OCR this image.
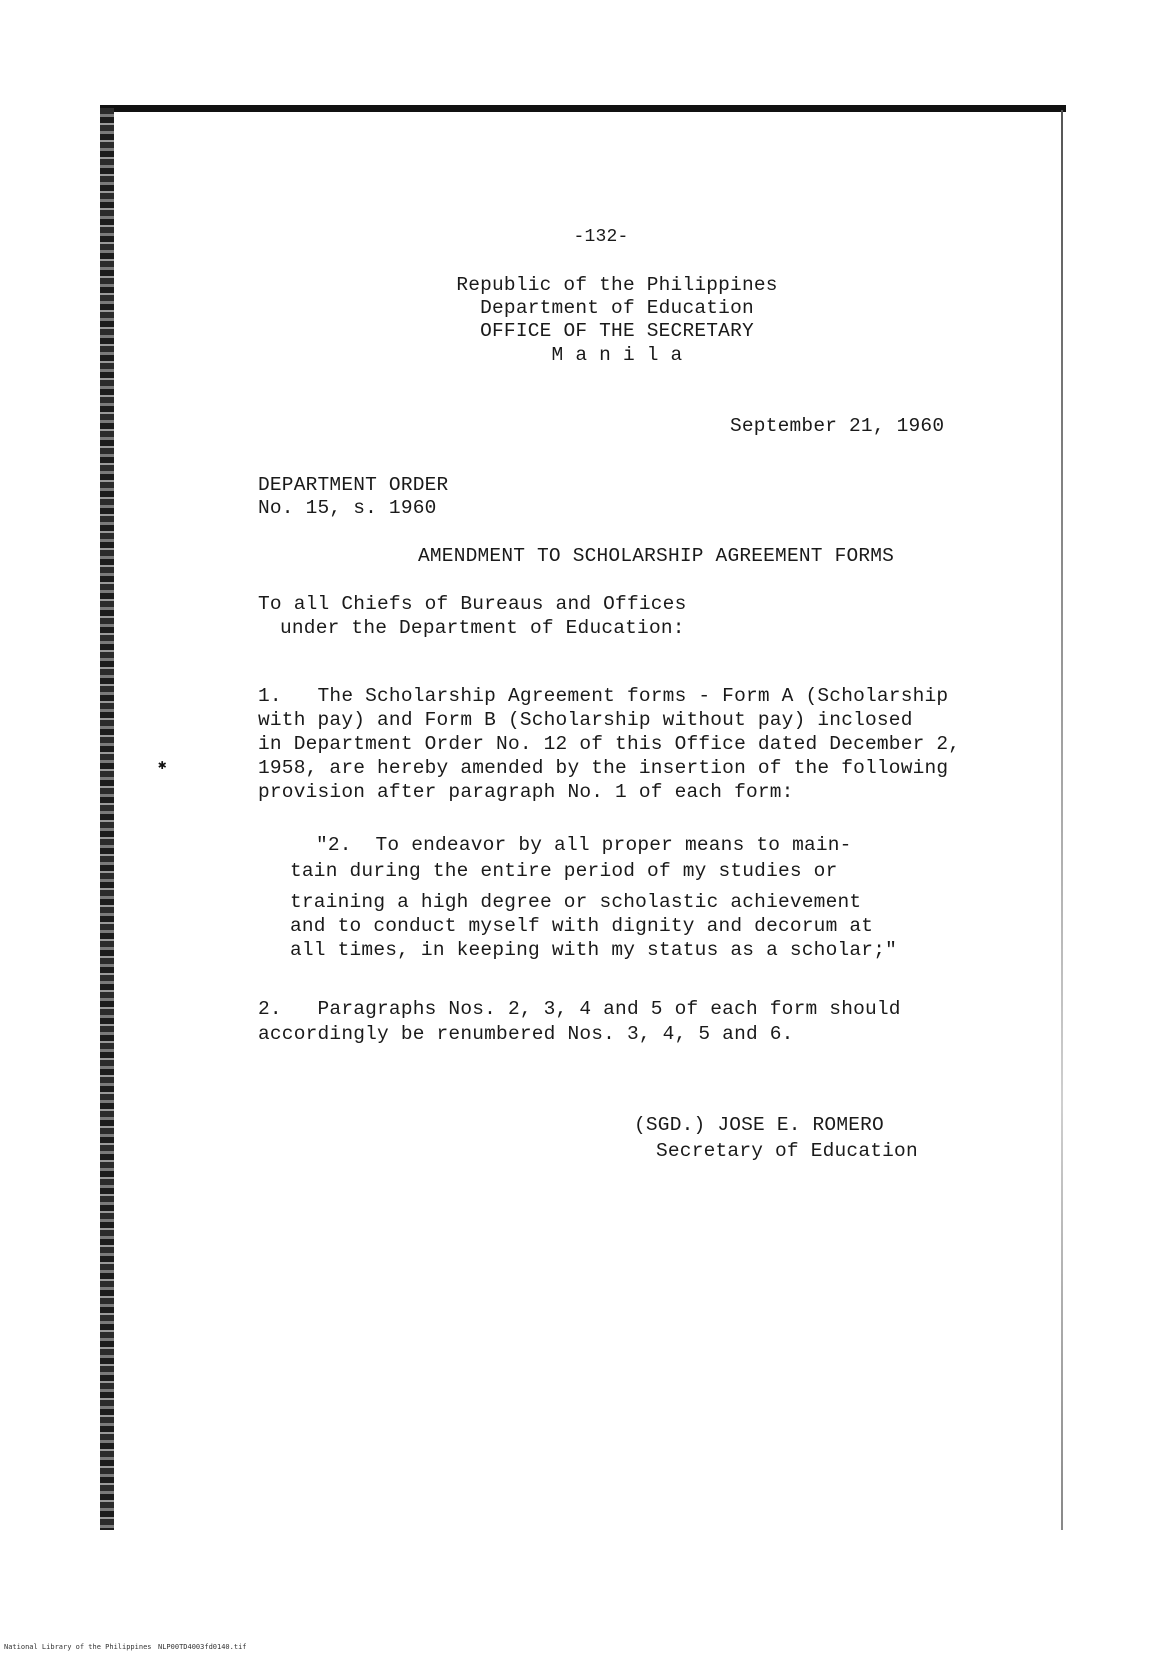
-132-
Republic of the Philippines
Department of Education
OFFICE OF THE SECRETARY
M a n i l a
September 21, 1960
DEPARTMENT ORDER
No. 15, s. 1960
AMENDMENT TO SCHOLARSHIP AGREEMENT FORMS
To all Chiefs of Bureaus and Offices
under the Department of Education:
1.   The Scholarship Agreement forms - Form A (Scholarship
with pay) and Form B (Scholarship without pay) inclosed
in Department Order No. 12 of this Office dated December 2,
1958, are hereby amended by the insertion of the following
provision after paragraph No. 1 of each form:
✱
"2.  To endeavor by all proper means to main-
tain during the entire period of my studies or
training a high degree or scholastic achievement
and to conduct myself with dignity and decorum at
all times, in keeping with my status as a scholar;"
2.   Paragraphs Nos. 2, 3, 4 and 5 of each form should
accordingly be renumbered Nos. 3, 4, 5 and 6.
(SGD.) JOSE E. ROMERO
Secretary of Education
National Library of the Philippines NLP00TD4003fd0140.tif
